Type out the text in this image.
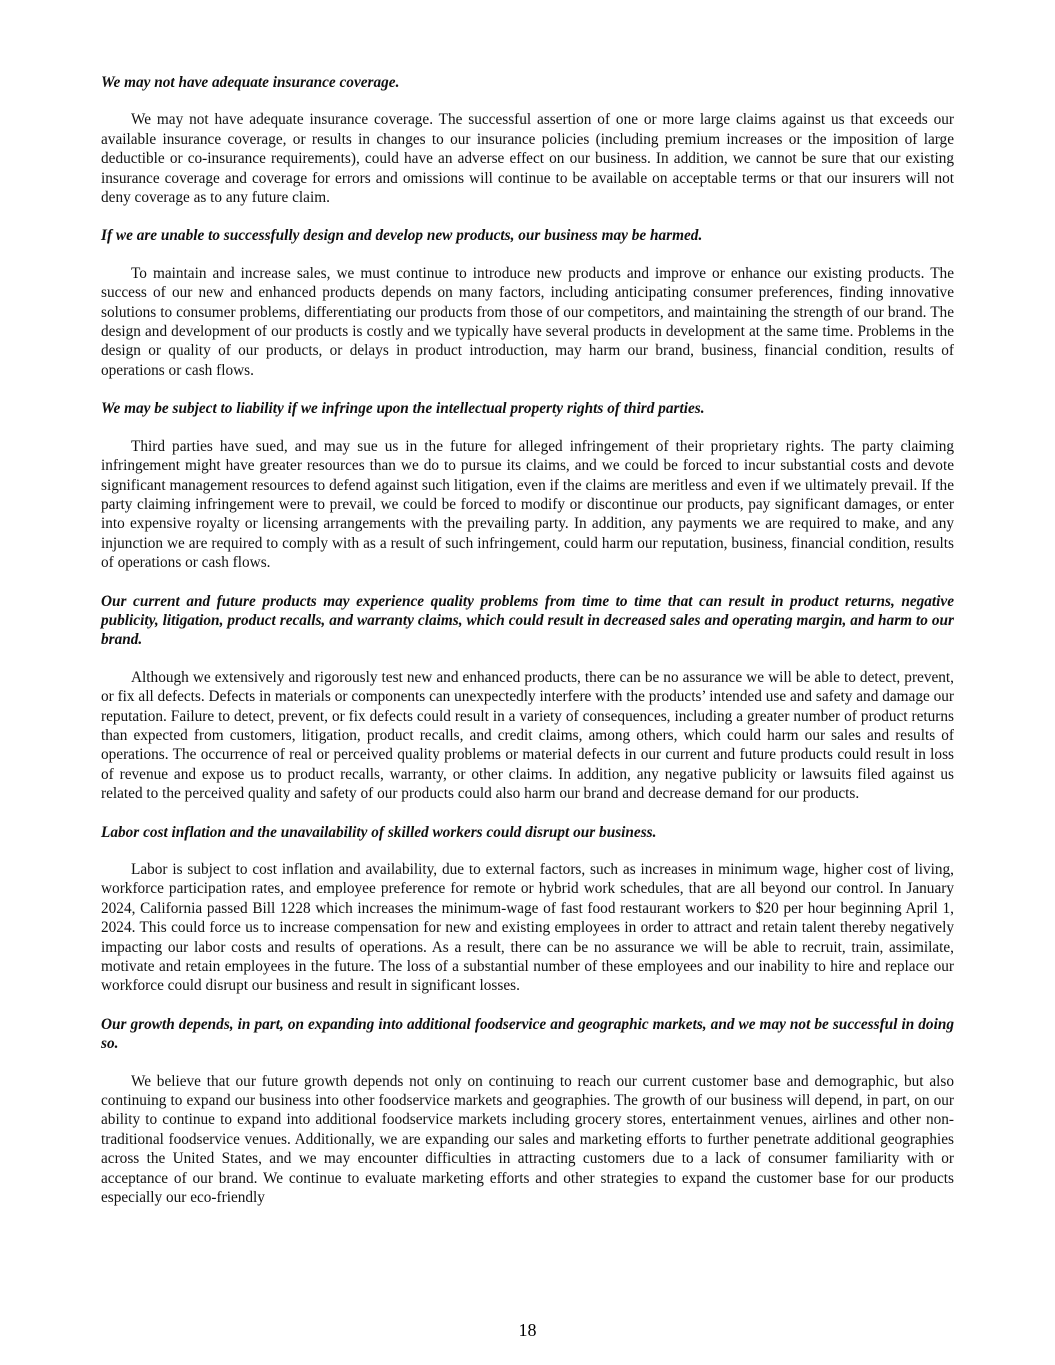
We may not have adequate insurance coverage.

We may not have adequate insurance coverage. The successful assertion of one or more large claims against us that exceeds our available insurance coverage, or results in changes to our insurance policies (including premium increases or the imposition of large deductible or co-insurance requirements), could have an adverse effect on our business. In addition, we cannot be sure that our existing insurance coverage and coverage for errors and omissions will continue to be available on acceptable terms or that our insurers will not deny coverage as to any future claim.

If we are unable to successfully design and develop new products, our business may be harmed.

To maintain and increase sales, we must continue to introduce new products and improve or enhance our existing products. The success of our new and enhanced products depends on many factors, including anticipating consumer preferences, finding innovative solutions to consumer problems, differentiating our products from those of our competitors, and maintaining the strength of our brand. The design and development of our products is costly and we typically have several products in development at the same time. Problems in the design or quality of our products, or delays in product introduction, may harm our brand, business, financial condition, results of operations or cash flows.

We may be subject to liability if we infringe upon the intellectual property rights of third parties.

Third parties have sued, and may sue us in the future for alleged infringement of their proprietary rights. The party claiming infringement might have greater resources than we do to pursue its claims, and we could be forced to incur substantial costs and devote significant management resources to defend against such litigation, even if the claims are meritless and even if we ultimately prevail. If the party claiming infringement were to prevail, we could be forced to modify or discontinue our products, pay significant damages, or enter into expensive royalty or licensing arrangements with the prevailing party. In addition, any payments we are required to make, and any injunction we are required to comply with as a result of such infringement, could harm our reputation, business, financial condition, results of operations or cash flows.

Our current and future products may experience quality problems from time to time that can result in product returns, negative publicity, litigation, product recalls, and warranty claims, which could result in decreased sales and operating margin, and harm to our brand.

Although we extensively and rigorously test new and enhanced products, there can be no assurance we will be able to detect, prevent, or fix all defects. Defects in materials or components can unexpectedly interfere with the products’ intended use and safety and damage our reputation. Failure to detect, prevent, or fix defects could result in a variety of consequences, including a greater number of product returns than expected from customers, litigation, product recalls, and credit claims, among others, which could harm our sales and results of operations. The occurrence of real or perceived quality problems or material defects in our current and future products could result in loss of revenue and expose us to product recalls, warranty, or other claims. In addition, any negative publicity or lawsuits filed against us related to the perceived quality and safety of our products could also harm our brand and decrease demand for our products.

Labor cost inflation and the unavailability of skilled workers could disrupt our business.

Labor is subject to cost inflation and availability, due to external factors, such as increases in minimum wage, higher cost of living, workforce participation rates, and employee preference for remote or hybrid work schedules, that are all beyond our control. In January 2024, California passed Bill 1228 which increases the minimum-wage of fast food restaurant workers to $20 per hour beginning April 1, 2024. This could force us to increase compensation for new and existing employees in order to attract and retain talent thereby negatively impacting our labor costs and results of operations. As a result, there can be no assurance we will be able to recruit, train, assimilate, motivate and retain employees in the future. The loss of a substantial number of these employees and our inability to hire and replace our workforce could disrupt our business and result in significant losses.

Our growth depends, in part, on expanding into additional foodservice and geographic markets, and we may not be successful in doing so.

We believe that our future growth depends not only on continuing to reach our current customer base and demographic, but also continuing to expand our business into other foodservice markets and geographies. The growth of our business will depend, in part, on our ability to continue to expand into additional foodservice markets including grocery stores, entertainment venues, airlines and other non-traditional foodservice venues. Additionally, we are expanding our sales and marketing efforts to further penetrate additional geographies across the United States, and we may encounter difficulties in attracting customers due to a lack of consumer familiarity with or acceptance of our brand. We continue to evaluate marketing efforts and other strategies to expand the customer base for our products especially our eco-friendly

18
